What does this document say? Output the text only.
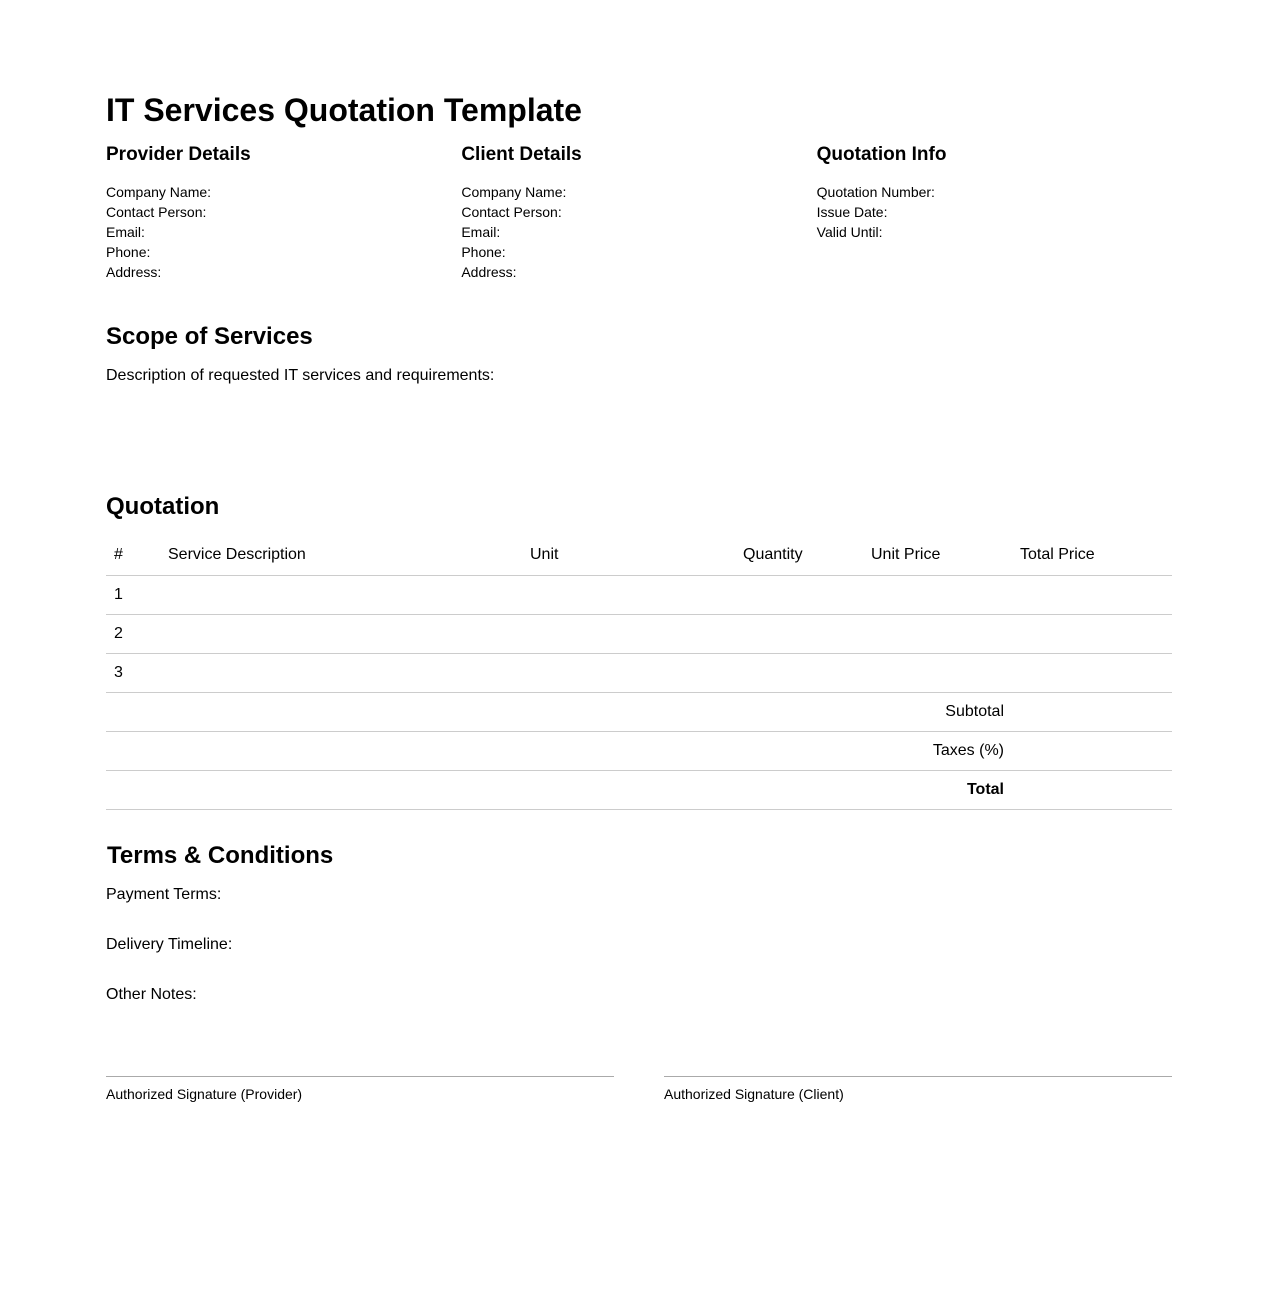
IT Services Quotation Template
Provider Details
Company Name:
Contact Person:
Email:
Phone:
Address:
Client Details
Company Name:
Contact Person:
Email:
Phone:
Address:
Quotation Info
Quotation Number:
Issue Date:
Valid Until:
Scope of Services
Description of requested IT services and requirements:
Quotation
#	Service Description	Unit	Quantity	Unit Price	Total Price
1					
2					
3					
Subtotal					
Taxes (%)					
Total					
Terms & Conditions
Payment Terms:
Delivery Timeline:
Other Notes:
Authorized Signature (Provider)	Authorized Signature (Client)
